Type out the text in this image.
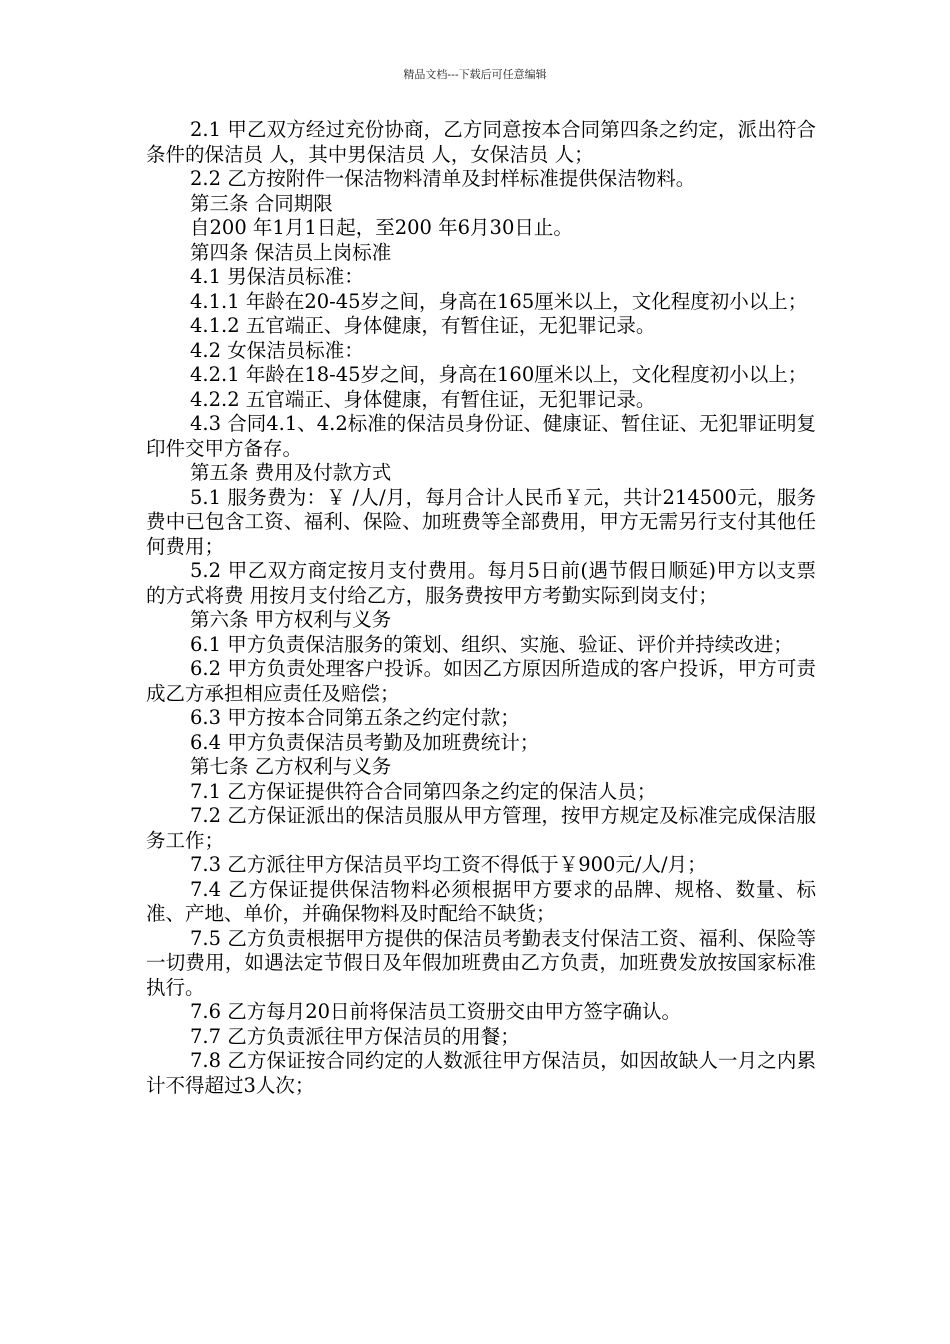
精品文档---下载后可任意编辑

2.1 甲乙双方经过充份协商，乙方同意按本合同第四条之约定，派出符合条件的保洁员 人，其中男保洁员 人，女保洁员 人；

2.2 乙方按附件一保洁物料清单及封样标准提供保洁物料。

第三条 合同期限

自200 年1月1日起，至200 年6月30日止。

第四条 保洁员上岗标准

4.1 男保洁员标准：

4.1.1 年龄在20-45岁之间，身高在165厘米以上，文化程度初小以上；

4.1.2 五官端正、身体健康，有暂住证，无犯罪记录。

4.2 女保洁员标准：

4.2.1 年龄在18-45岁之间，身高在160厘米以上，文化程度初小以上；

4.2.2 五官端正、身体健康，有暂住证，无犯罪记录。

4.3 合同4.1、4.2标准的保洁员身份证、健康证、暂住证、无犯罪证明复印件交甲方备存。

第五条 费用及付款方式

5.1 服务费为：￥ /人/月，每月合计人民币￥元，共计214500元，服务费中已包含工资、福利、保险、加班费等全部费用，甲方无需另行支付其他任何费用；

5.2 甲乙双方商定按月支付费用。每月5日前(遇节假日顺延)甲方以支票的方式将费 用按月支付给乙方，服务费按甲方考勤实际到岗支付；

第六条 甲方权利与义务

6.1 甲方负责保洁服务的策划、组织、实施、验证、评价并持续改进；

6.2 甲方负责处理客户投诉。如因乙方原因所造成的客户投诉，甲方可责成乙方承担相应责任及赔偿；

6.3 甲方按本合同第五条之约定付款；

6.4 甲方负责保洁员考勤及加班费统计；

第七条 乙方权利与义务

7.1 乙方保证提供符合合同第四条之约定的保洁人员；

7.2 乙方保证派出的保洁员服从甲方管理，按甲方规定及标准完成保洁服务工作；

7.3 乙方派往甲方保洁员平均工资不得低于￥900元/人/月；

7.4 乙方保证提供保洁物料必须根据甲方要求的品牌、规格、数量、标准、产地、单价，并确保物料及时配给不缺货；

7.5 乙方负责根据甲方提供的保洁员考勤表支付保洁工资、福利、保险等一切费用，如遇法定节假日及年假加班费由乙方负责，加班费发放按国家标准执行。

7.6 乙方每月20日前将保洁员工资册交由甲方签字确认。

7.7 乙方负责派往甲方保洁员的用餐；

7.8 乙方保证按合同约定的人数派往甲方保洁员，如因故缺人一月之内累计不得超过3人次；
